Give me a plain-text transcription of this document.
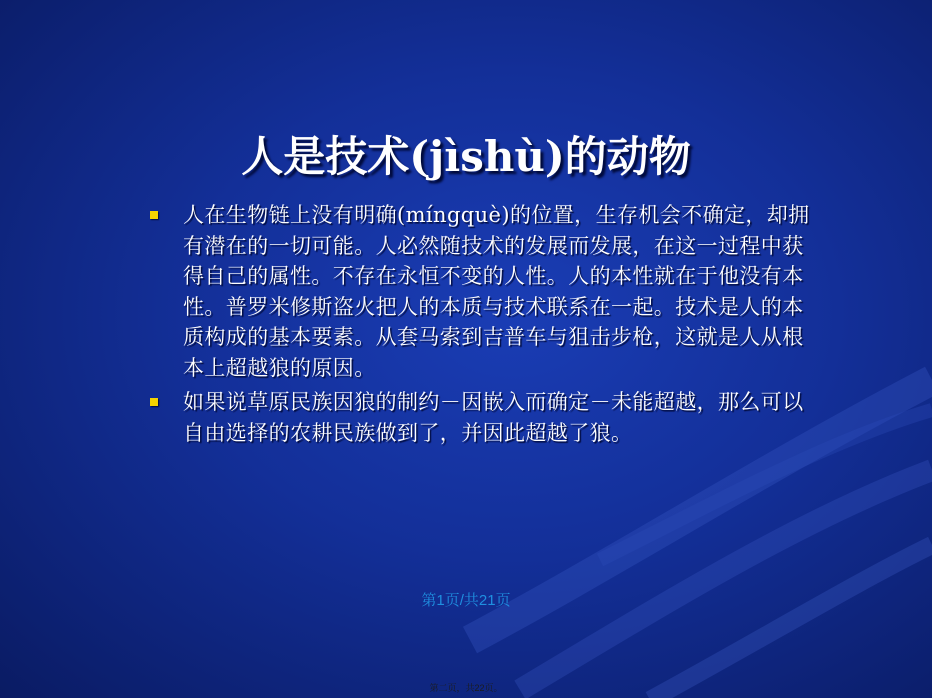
人是技术(jìshù)的动物
人在生物链上没有明确(míngquè)的位置，生存机会不确定，却拥有潜在的一切可能。人必然随技术的发展而发展，在这一过程中获得自己的属性。不存在永恒不变的人性。人的本性就在于他没有本性。普罗米修斯盗火把人的本质与技术联系在一起。技术是人的本质构成的基本要素。从套马索到吉普车与狙击步枪，这就是人从根本上超越狼的原因。
如果说草原民族因狼的制约－因嵌入而确定－未能超越，那么可以自由选择的农耕民族做到了，并因此超越了狼。
第1页/共21页
第二页，共22页。
